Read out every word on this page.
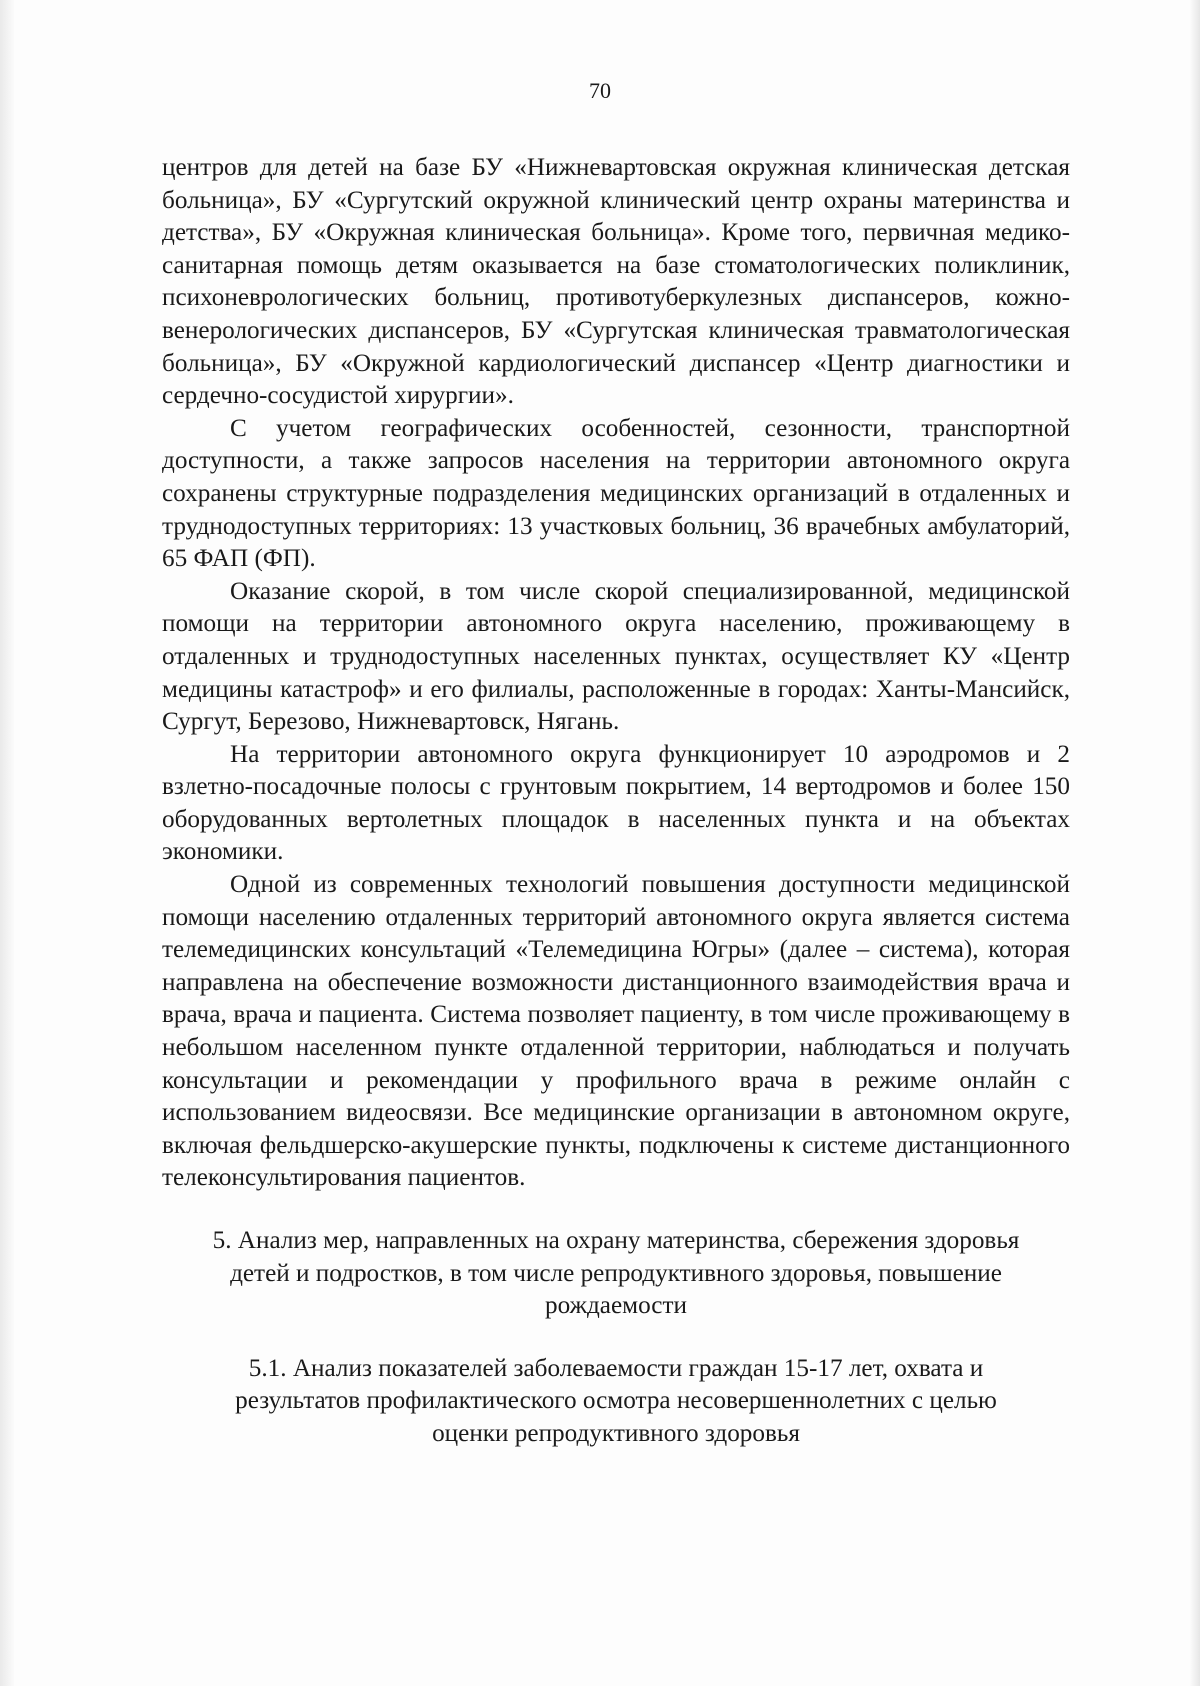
70

центров для детей на базе БУ «Нижневартовская окружная клиническая детская больница», БУ «Сургутский окружной клинический центр охраны материнства и детства», БУ «Окружная клиническая больница». Кроме того, первичная медико-санитарная помощь детям оказывается на базе стоматологических поликлиник, психоневрологических больниц, противотуберкулезных диспансеров, кожно-венерологических диспансеров, БУ «Сургутская клиническая травматологическая больница», БУ «Окружной кардиологический диспансер «Центр диагностики и сердечно-сосудистой хирургии».

С учетом географических особенностей, сезонности, транспортной доступности, а также запросов населения на территории автономного округа сохранены структурные подразделения медицинских организаций в отдаленных и труднодоступных территориях: 13 участковых больниц, 36 врачебных амбулаторий, 65 ФАП (ФП).

Оказание скорой, в том числе скорой специализированной, медицинской помощи на территории автономного округа населению, проживающему в отдаленных и труднодоступных населенных пунктах, осуществляет КУ «Центр медицины катастроф» и его филиалы, расположенные в городах: Ханты-Мансийск, Сургут, Березово, Нижневартовск, Нягань.

На территории автономного округа функционирует 10 аэродромов и 2 взлетно-посадочные полосы с грунтовым покрытием, 14 вертодромов и более 150 оборудованных вертолетных площадок в населенных пункта и на объектах экономики.

Одной из современных технологий повышения доступности медицинской помощи населению отдаленных территорий автономного округа является система телемедицинских консультаций «Телемедицина Югры» (далее – система), которая направлена на обеспечение возможности дистанционного взаимодействия врача и врача, врача и пациента. Система позволяет пациенту, в том числе проживающему в небольшом населенном пункте отдаленной территории, наблюдаться и получать консультации и рекомендации у профильного врача в режиме онлайн с использованием видеосвязи. Все медицинские организации в автономном округе, включая фельдшерско-акушерские пункты, подключены к системе дистанционного телеконсультирования пациентов.

5. Анализ мер, направленных на охрану материнства, сбережения здоровья детей и подростков, в том числе репродуктивного здоровья, повышение рождаемости
5.1. Анализ показателей заболеваемости граждан 15-17 лет, охвата и результатов профилактического осмотра несовершеннолетних с целью оценки репродуктивного здоровья
